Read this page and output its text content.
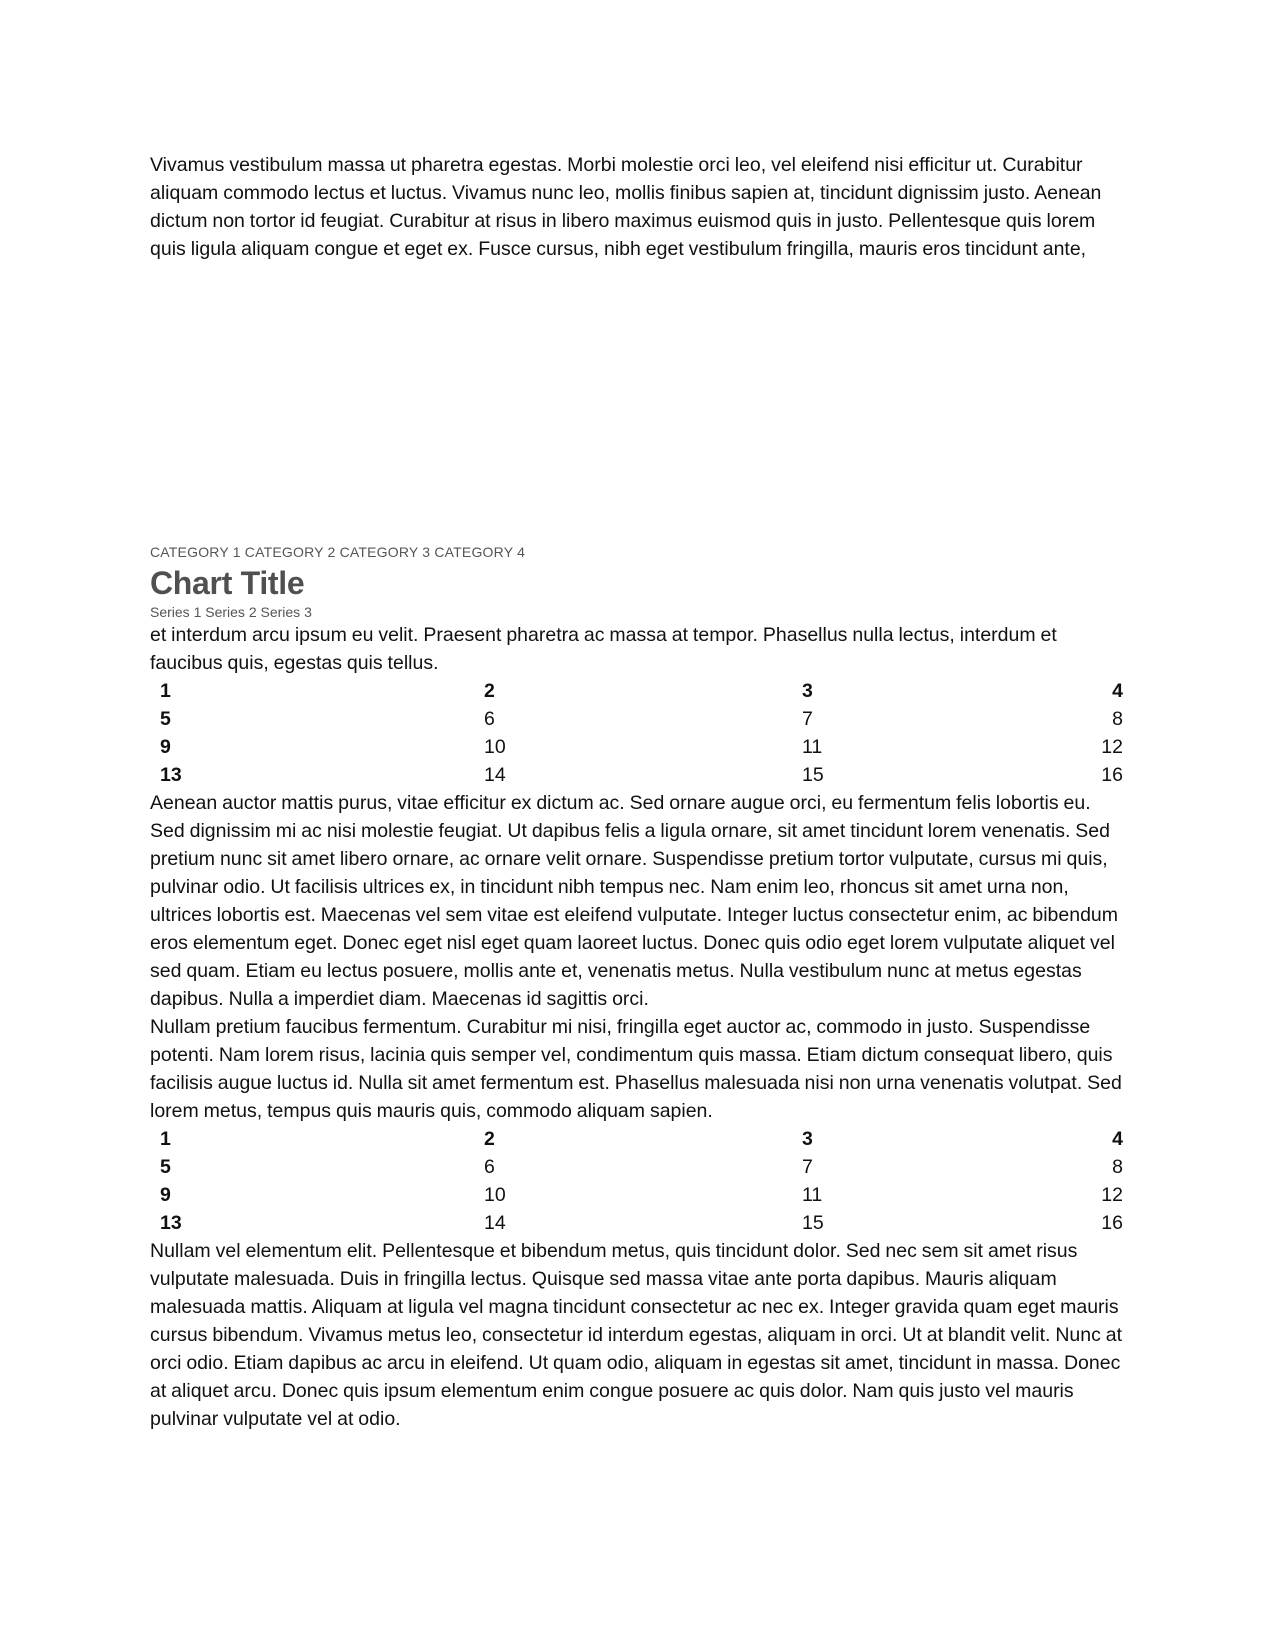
Vivamus vestibulum massa ut pharetra egestas. Morbi molestie orci leo, vel eleifend nisi efficitur ut. Curabitur aliquam commodo lectus et luctus. Vivamus nunc leo, mollis finibus sapien at, tincidunt dignissim justo. Aenean dictum non tortor id feugiat. Curabitur at risus in libero maximus euismod quis in justo. Pellentesque quis lorem quis ligula aliquam congue et eget ex. Fusce cursus, nibh eget vestibulum fringilla, mauris eros tincidunt ante,

CATEGORY 1 CATEGORY 2 CATEGORY 3 CATEGORY 4

Chart Title

Series 1 Series 2 Series 3

et interdum arcu ipsum eu velit. Praesent pharetra ac massa at tempor. Phasellus nulla lectus, interdum et faucibus quis, egestas quis tellus.

1	2	3	4
5	6	7	8
9	10	11	12
13	14	15	16

Aenean auctor mattis purus, vitae efficitur ex dictum ac. Sed ornare augue orci, eu fermentum felis lobortis eu. Sed dignissim mi ac nisi molestie feugiat. Ut dapibus felis a ligula ornare, sit amet tincidunt lorem venenatis. Sed pretium nunc sit amet libero ornare, ac ornare velit ornare. Suspendisse pretium tortor vulputate, cursus mi quis, pulvinar odio. Ut facilisis ultrices ex, in tincidunt nibh tempus nec. Nam enim leo, rhoncus sit amet urna non, ultrices lobortis est. Maecenas vel sem vitae est eleifend vulputate. Integer luctus consectetur enim, ac bibendum eros elementum eget. Donec eget nisl eget quam laoreet luctus. Donec quis odio eget lorem vulputate aliquet vel sed quam. Etiam eu lectus posuere, mollis ante et, venenatis metus. Nulla vestibulum nunc at metus egestas dapibus. Nulla a imperdiet diam. Maecenas id sagittis orci.

Nullam pretium faucibus fermentum. Curabitur mi nisi, fringilla eget auctor ac, commodo in justo. Suspendisse potenti. Nam lorem risus, lacinia quis semper vel, condimentum quis massa. Etiam dictum consequat libero, quis facilisis augue luctus id. Nulla sit amet fermentum est. Phasellus malesuada nisi non urna venenatis volutpat. Sed lorem metus, tempus quis mauris quis, commodo aliquam sapien.

1	2	3	4
5	6	7	8
9	10	11	12
13	14	15	16

Nullam vel elementum elit. Pellentesque et bibendum metus, quis tincidunt dolor. Sed nec sem sit amet risus vulputate malesuada. Duis in fringilla lectus. Quisque sed massa vitae ante porta dapibus. Mauris aliquam malesuada mattis. Aliquam at ligula vel magna tincidunt consectetur ac nec ex. Integer gravida quam eget mauris cursus bibendum. Vivamus metus leo, consectetur id interdum egestas, aliquam in orci. Ut at blandit velit. Nunc at orci odio. Etiam dapibus ac arcu in eleifend. Ut quam odio, aliquam in egestas sit amet, tincidunt in massa. Donec at aliquet arcu. Donec quis ipsum elementum enim congue posuere ac quis dolor. Nam quis justo vel mauris pulvinar vulputate vel at odio.
